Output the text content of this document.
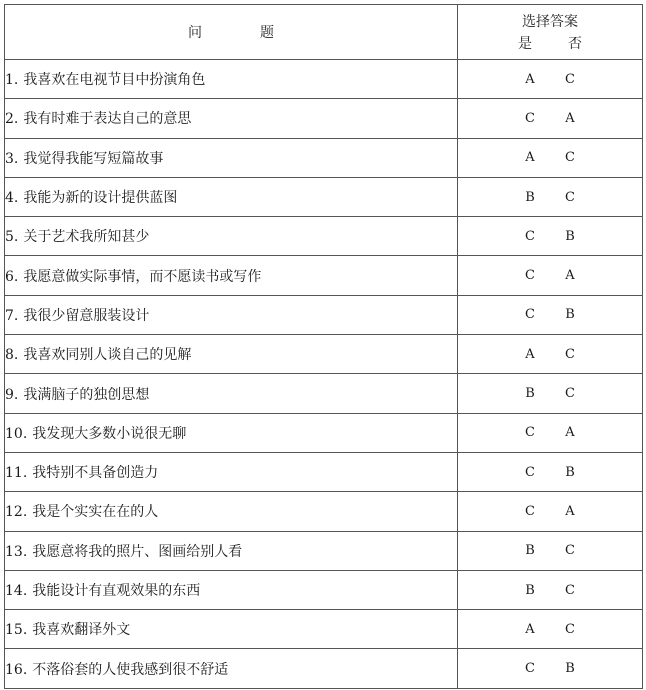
问 题	选择答案
是 否

1. 我喜欢在电视节目中扮演角色	A C
2. 我有时难于表达自己的意思	C A
3. 我觉得我能写短篇故事	A C
4. 我能为新的设计提供蓝图	B C
5. 关于艺术我所知甚少	C B
6. 我愿意做实际事情，而不愿读书或写作	C A
7. 我很少留意服装设计	C B
8. 我喜欢同别人谈自己的见解	A C
9. 我满脑子的独创思想	B C
10. 我发现大多数小说很无聊	C A
11. 我特别不具备创造力	C B
12. 我是个实实在在的人	C A
13. 我愿意将我的照片、图画给别人看	B C
14. 我能设计有直观效果的东西	B C
15. 我喜欢翻译外文	A C
16. 不落俗套的人使我感到很不舒适	C B
